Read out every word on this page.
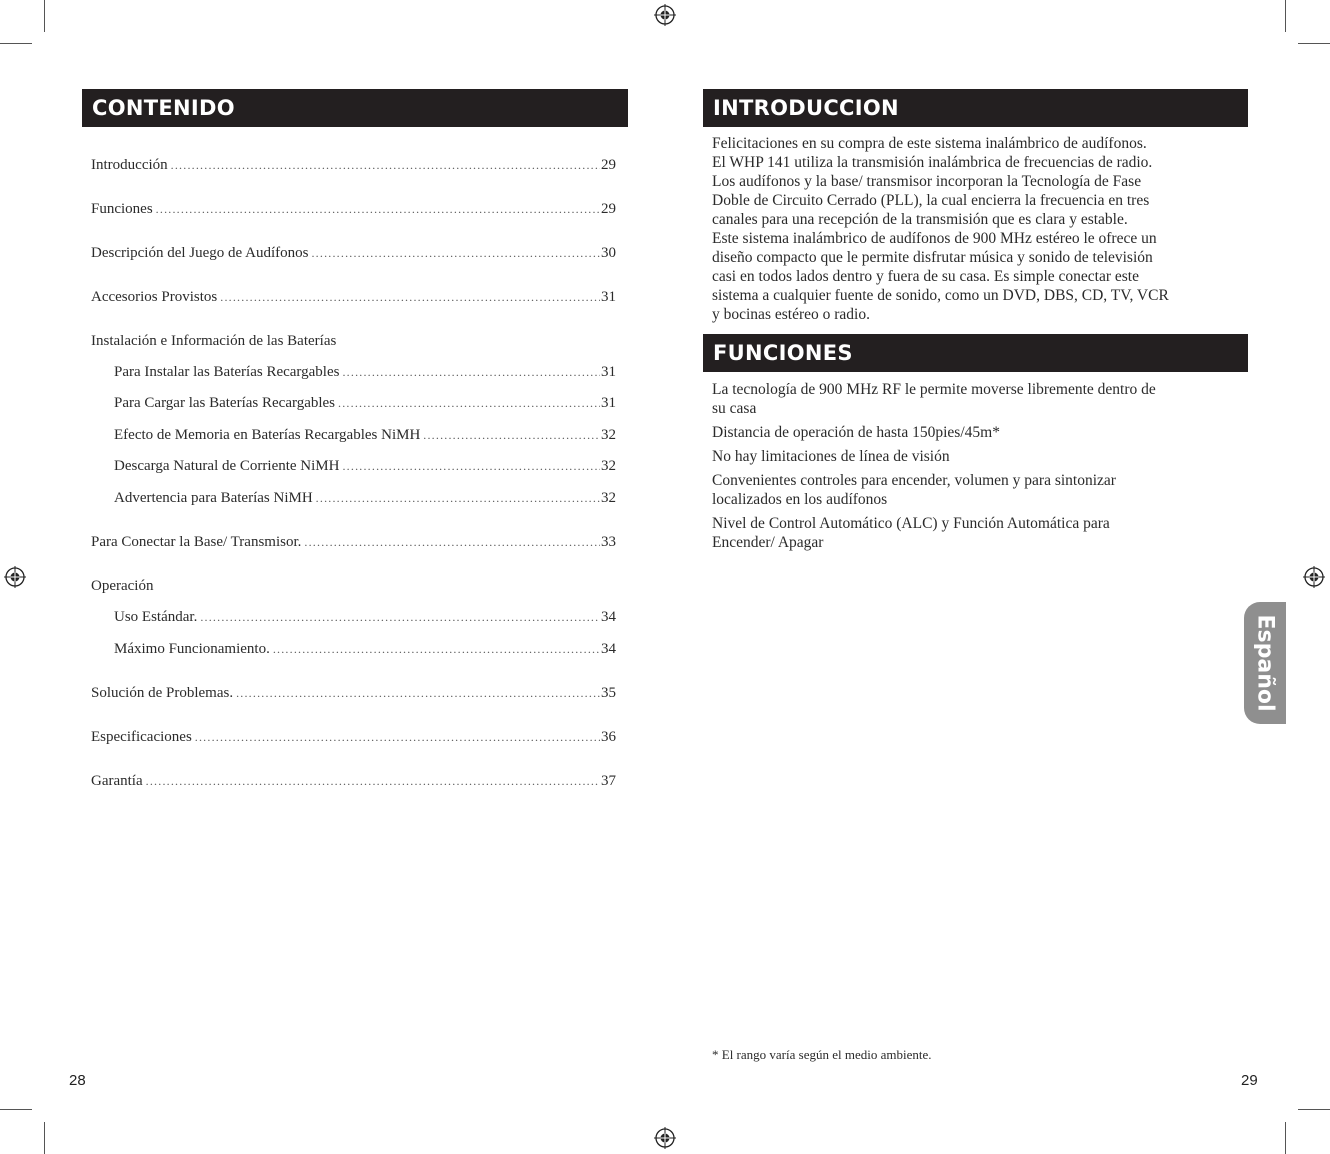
CONTENIDO
Introducción .....	29
Funciones .....	29
Descripción del Juego de Audífonos .....	30
Accesorios Provistos .....	31
Instalación e Información de las Baterías
Para Instalar las Baterías Recargables .....	31
Para Cargar las Baterías Recargables .....	31
Efecto de Memoria en Baterías Recargables NiMH .....	32
Descarga Natural de Corriente NiMH .....	32
Advertencia para Baterías NiMH .....	32
Para Conectar la Base/ Transmisor. .....	33
Operación
Uso Estándar. .....	34
Máximo Funcionamiento. .....	34
Solución de Problemas. .....	35
Especificaciones .....	36
Garantía .....	37
28
INTRODUCCION
Felicitaciones en su compra de este sistema inalámbrico de audífonos.
El WHP 141 utiliza la transmisión inalámbrica de frecuencias de radio.
Los audífonos y la base/ transmisor incorporan la Tecnología de Fase
Doble de Circuito Cerrado (PLL), la cual encierra la frecuencia en tres
canales para una recepción de la transmisión que es clara y estable.
Este sistema inalámbrico de audífonos de 900 MHz estéreo le ofrece un
diseño compacto que le permite disfrutar música y sonido de televisión
casi en todos lados dentro y fuera de su casa. Es simple conectar este
sistema a cualquier fuente de sonido, como un DVD, DBS, CD, TV, VCR
y bocinas estéreo o radio.
FUNCIONES
La tecnología de 900 MHz RF le permite moverse libremente dentro de
su casa
Distancia de operación de hasta 150pies/45m*
No hay limitaciones de línea de visión
Convenientes controles para encender, volumen y para sintonizar
localizados en los audífonos
Nivel de Control Automático (ALC) y Función Automática para
Encender/ Apagar
* El rango varía según el medio ambiente.
29
Español
